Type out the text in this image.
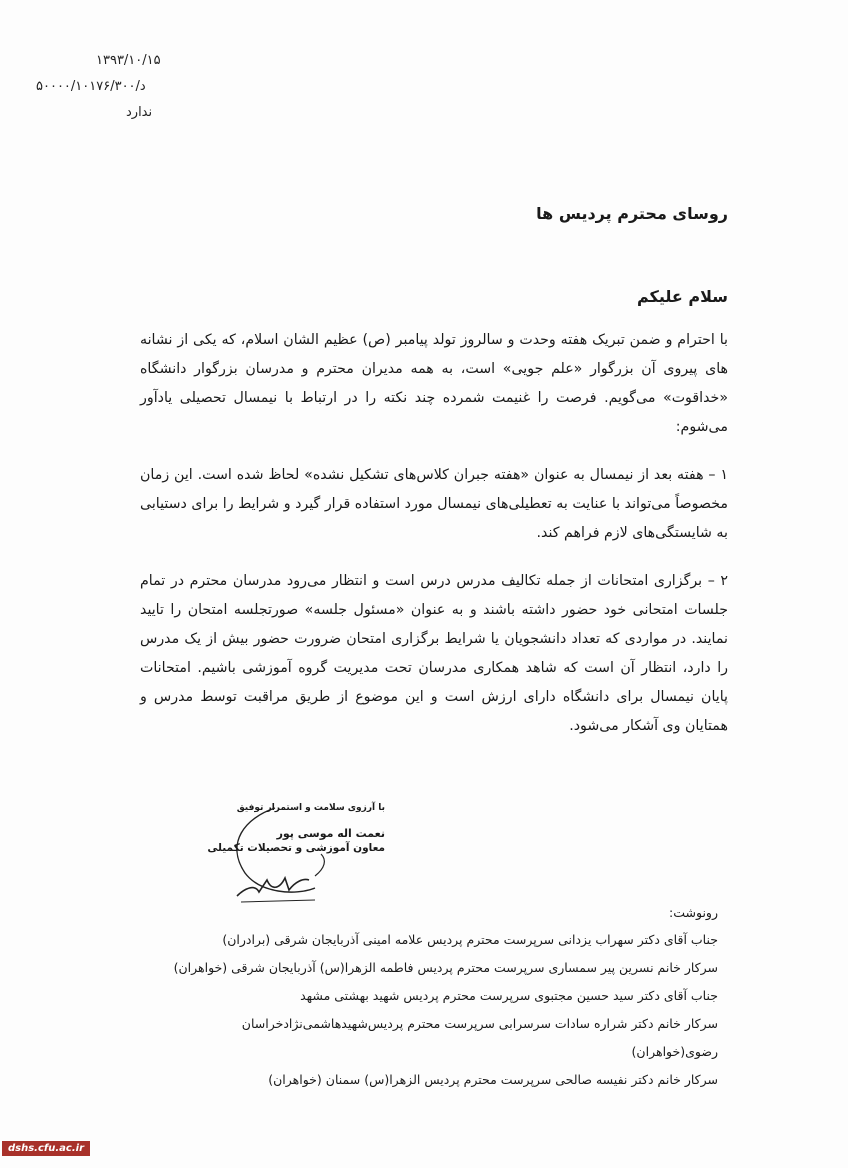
۱۳۹۳/۱۰/۱۵
۵۰۰۰۰/۱۰۱۷۶/۳۰۰/د
ندارد
روسای محترم پردیس ها
سلام علیکم

با احترام و ضمن تبریک هفته وحدت و سالروز تولد پیامبر (ص) عظیم الشان اسلام، که یکی از نشانه های پیروی آن بزرگوار «علم جویی» است، به همه مدیران محترم و مدرسان بزرگوار دانشگاه «خداقوت» می‌گویم. فرصت را غنیمت شمرده چند نکته را در ارتباط با نیمسال تحصیلی یادآور می‌شوم:

۱ – هفته بعد از نیمسال به عنوان «هفته جبران کلاس‌های تشکیل نشده» لحاظ شده است. این زمان مخصوصاً می‌تواند با عنایت به تعطیلی‌های نیمسال مورد استفاده قرار گیرد و شرایط را برای دستیابی به شایستگی‌های لازم فراهم کند.

۲ – برگزاری امتحانات از جمله تکالیف مدرس درس است و انتظار می‌رود مدرسان محترم در تمام جلسات امتحانی خود حضور داشته باشند و به عنوان «مسئول جلسه» صورتجلسه امتحان را تایید نمایند. در مواردی که تعداد دانشجویان یا شرایط برگزاری امتحان ضرورت حضور بیش از یک مدرس را دارد، انتظار آن است که شاهد همکاری مدرسان تحت مدیریت گروه آموزشی باشیم. امتحانات پایان نیمسال برای دانشگاه دارای ارزش است و این موضوع از طریق مراقبت توسط مدرس و همتایان وی آشکار می‌شود.

با آرزوی سلامت و استمرار توفیق
نعمت اله موسی پور
معاون آموزشی و تحصیلات تکمیلی
رونوشت:
جناب آقای دکتر سهراب یزدانی سرپرست محترم پردیس علامه امینی آذربایجان شرقی (برادران)
سرکار خانم نسرین پیر سمساری سرپرست محترم پردیس فاطمه الزهرا(س) آذربایجان شرقی (خواهران)
جناب آقای دکتر سید حسین مجتبوی سرپرست محترم پردیس شهید بهشتی مشهد
سرکار خانم دکتر شراره سادات سرسرابی سرپرست محترم پردیس‌شهیدهاشمی‌نژادخراسان رضوی(خواهران)
سرکار خانم دکتر نفیسه صالحی سرپرست محترم پردیس الزهرا(س) سمنان (خواهران)
dshs.cfu.ac.ir
